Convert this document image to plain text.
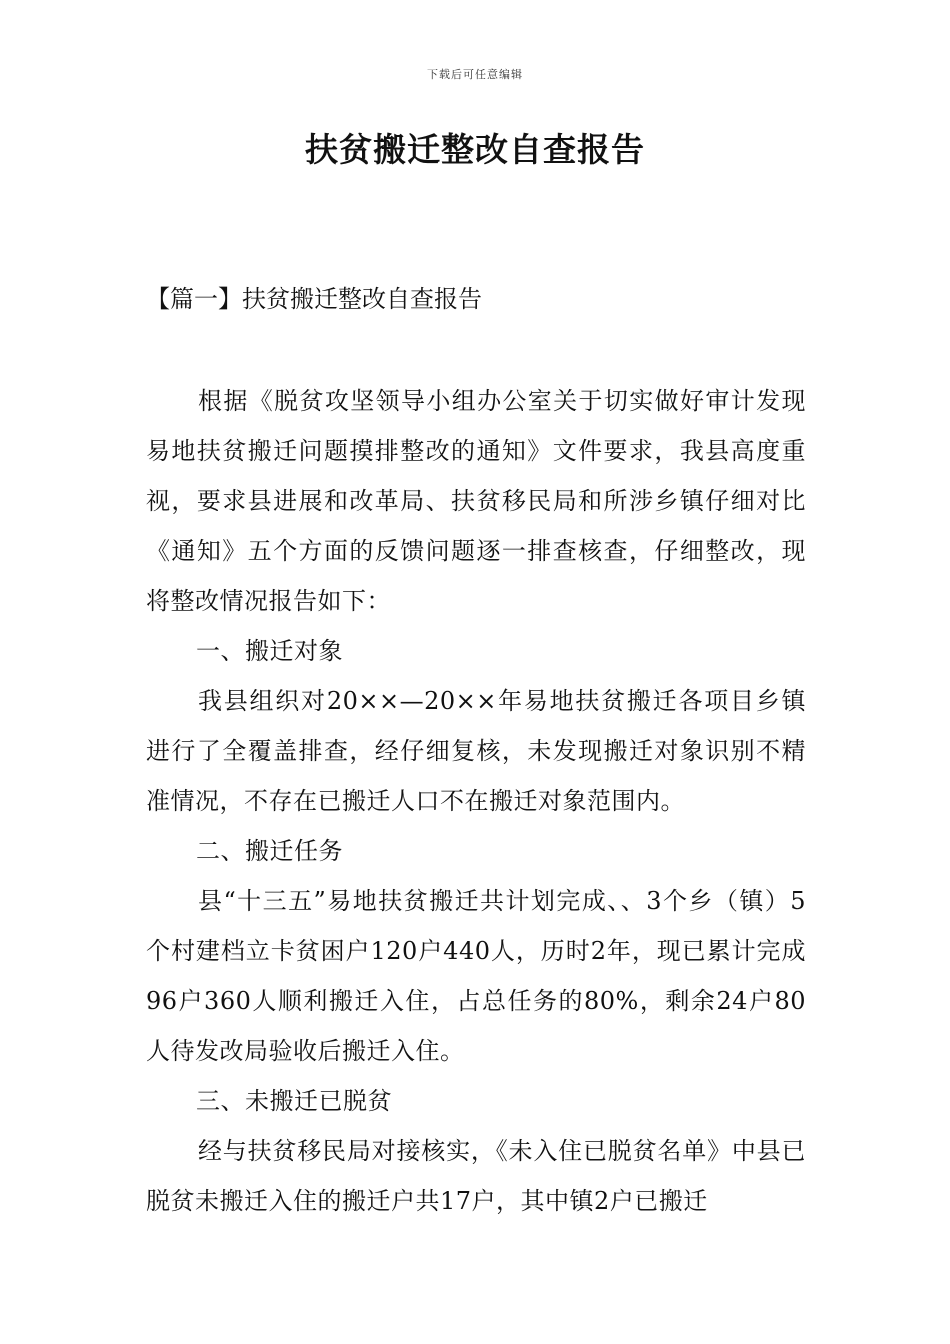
下载后可任意编辑
扶贫搬迁整改自查报告
【篇一】扶贫搬迁整改自查报告

根据《脱贫攻坚领导小组办公室关于切实做好审计发现易地扶贫搬迁问题摸排整改的通知》文件要求，我县高度重视，要求县进展和改革局、扶贫移民局和所涉乡镇仔细对比《通知》五个方面的反馈问题逐一排查核查，仔细整改，现将整改情况报告如下：

一、搬迁对象

我县组织对20××—20××年易地扶贫搬迁各项目乡镇进行了全覆盖排查，经仔细复核，未发现搬迁对象识别不精准情况，不存在已搬迁人口不在搬迁对象范围内。

二、搬迁任务

县“十三五”易地扶贫搬迁共计划完成、、3个乡（镇）5个村建档立卡贫困户120户440人，历时2年，现已累计完成96户360人顺利搬迁入住，占总任务的80%，剩余24户80人待发改局验收后搬迁入住。

三、未搬迁已脱贫

经与扶贫移民局对接核实，《未入住已脱贫名单》中县已脱贫未搬迁入住的搬迁户共17户，其中镇2户已搬迁
